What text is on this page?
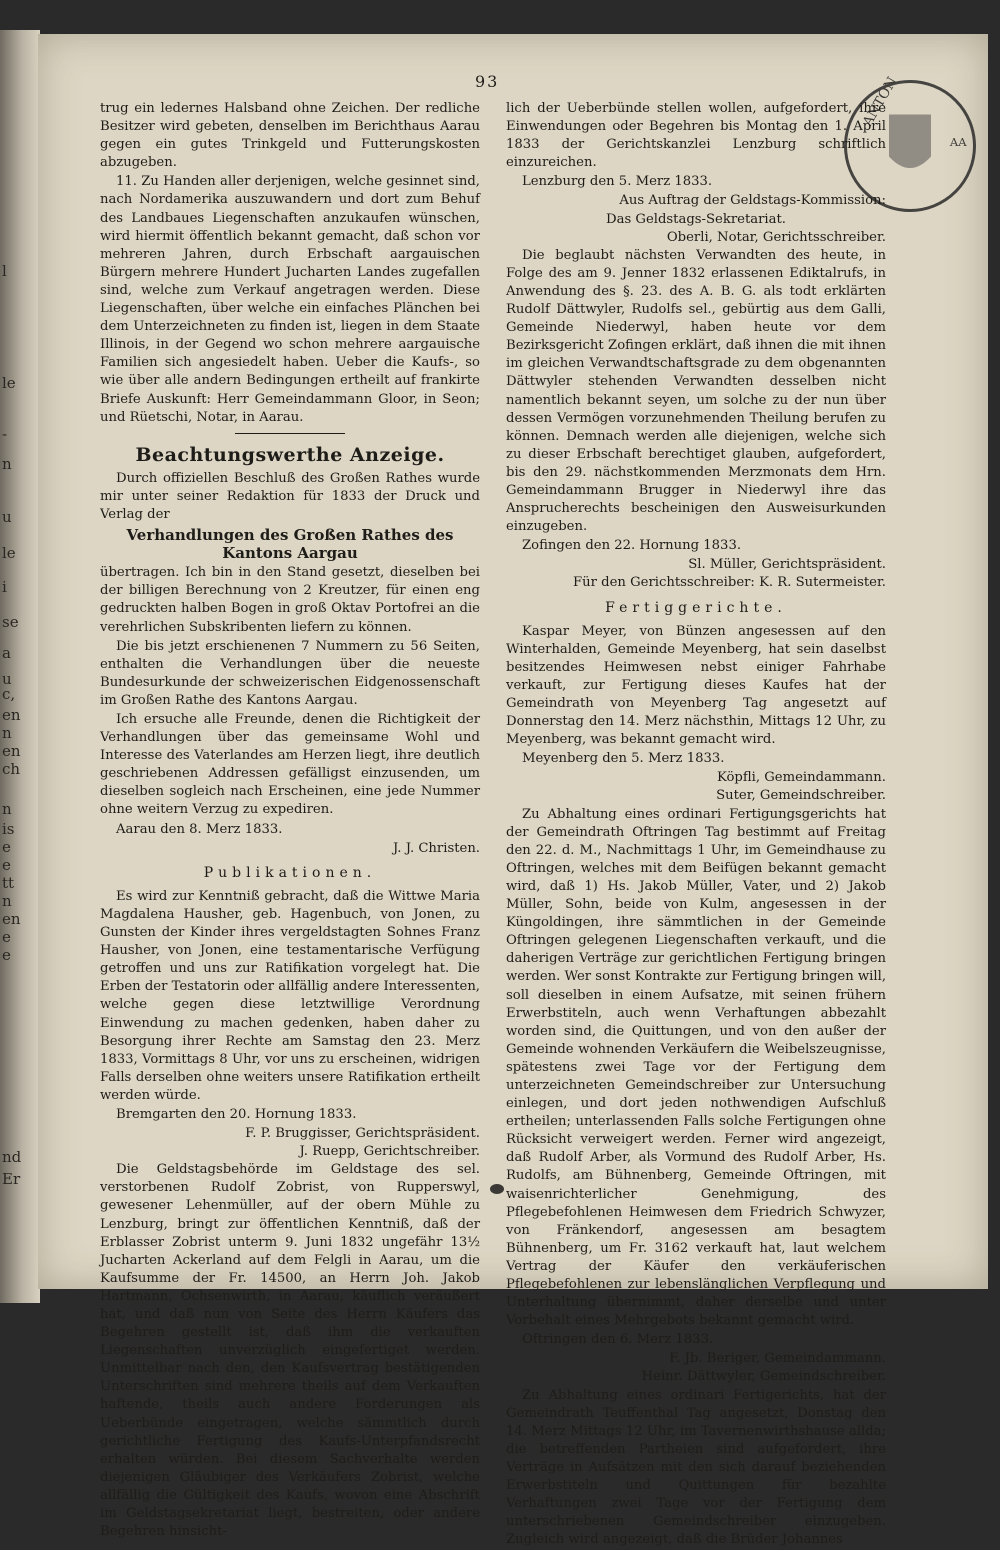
l
le
-
n
u
le
i
se
a
u
c,
en
n
en
ch
n
is
e
e
tt
n
en
e
e
nd
Er
93	ANTON
AA

trug ein ledernes Halsband ohne Zeichen. Der redliche Besitzer wird gebeten, denselben im Berichthaus Aarau gegen ein gutes Trinkgeld und Futterungskosten abzugeben.

11. Zu Handen aller derjenigen, welche gesinnet sind, nach Nordamerika auszuwandern und dort zum Behuf des Landbaues Liegenschaften anzukaufen wünschen, wird hiermit öffentlich bekannt gemacht, daß schon vor mehreren Jahren, durch Erbschaft aargauischen Bürgern mehrere Hundert Jucharten Landes zugefallen sind, welche zum Verkauf angetragen werden. Diese Liegenschaften, über welche ein einfaches Plänchen bei dem Unterzeichneten zu finden ist, liegen in dem Staate Illinois, in der Gegend wo schon mehrere aargauische Familien sich angesiedelt haben. Ueber die Kaufs-, so wie über alle andern Bedingungen ertheilt auf frankirte Briefe Auskunft: Herr Gemeindammann Gloor, in Seon; und Rüetschi, Notar, in Aarau.

Beachtungswerthe Anzeige.

Durch offiziellen Beschluß des Großen Rathes wurde mir unter seiner Redaktion für 1833 der Druck und Verlag der

Verhandlungen des Großen Rathes des Kantons Aargau

übertragen. Ich bin in den Stand gesetzt, dieselben bei der billigen Berechnung von 2 Kreutzer, für einen eng gedruckten halben Bogen in groß Oktav Portofrei an die verehrlichen Subskribenten liefern zu können.

Die bis jetzt erschienenen 7 Nummern zu 56 Seiten, enthalten die Verhandlungen über die neueste Bundesurkunde der schweizerischen Eidgenossenschaft im Großen Rathe des Kantons Aargau.

Ich ersuche alle Freunde, denen die Richtigkeit der Verhandlungen über das gemeinsame Wohl und Interesse des Vaterlandes am Herzen liegt, ihre deutlich geschriebenen Addressen gefälligst einzusenden, um dieselben sogleich nach Erscheinen, eine jede Nummer ohne weitern Verzug zu expediren.

Aarau den 8. Merz 1833.

J. J. Christen.

Publikationen.

Es wird zur Kenntniß gebracht, daß die Wittwe Maria Magdalena Hausher, geb. Hagenbuch, von Jonen, zu Gunsten der Kinder ihres vergeldstagten Sohnes Franz Hausher, von Jonen, eine testamentarische Verfügung getroffen und uns zur Ratifikation vorgelegt hat. Die Erben der Testatorin oder allfällig andere Interessenten, welche gegen diese letztwillige Verordnung Einwendung zu machen gedenken, haben daher zu Besorgung ihrer Rechte am Samstag den 23. Merz 1833, Vormittags 8 Uhr, vor uns zu erscheinen, widrigen Falls derselben ohne weiters unsere Ratifikation ertheilt werden würde.

Bremgarten den 20. Hornung 1833.

F. P. Bruggisser, Gerichtspräsident.

J. Ruepp, Gerichtschreiber.

Die Geldstagsbehörde im Geldstage des sel. verstorbenen Rudolf Zobrist, von Rupperswyl, gewesener Lehenmüller, auf der obern Mühle zu Lenzburg, bringt zur öffentlichen Kenntniß, daß der Erblasser Zobrist unterm 9. Juni 1832 ungefähr 13½ Jucharten Ackerland auf dem Felgli in Aarau, um die Kaufsumme der Fr. 14500, an Herrn Joh. Jakob Hartmann, Ochsenwirth, in Aarau, käuflich veräußert hat, und daß nun von Seite des Herrn Käufers das Begehren gestellt ist, daß ihm die verkauften Liegenschaften unverzüglich eingefertiget werden. Unmittelbar nach den, den Kaufsvertrag bestätigenden Unterschriften sind mehrere theils auf dem Verkauften haftende, theils auch andere Forderungen als Ueberbünde eingetragen, welche sämmtlich durch gerichtliche Fertigung des Kaufs-Unterpfandsrecht erhalten würden. Bei diesem Sachverhalte werden diejenigen Gläubiger des Verkäufers Zobrist, welche allfällig die Gültigkeit des Kaufs, wovon eine Abschrift im Geldstagsekretariat liegt, bestreiten, oder andere Begehren hinsicht-

lich der Ueberbünde stellen wollen, aufgefordert, ihre Einwendungen oder Begehren bis Montag den 1. April 1833 der Gerichtskanzlei Lenzburg schriftlich einzureichen.

Lenzburg den 5. Merz 1833.

Aus Auftrag der Geldstags-Kommission:

Das Geldstags-Sekretariat.

Oberli, Notar, Gerichtsschreiber.

Die beglaubt nächsten Verwandten des heute, in Folge des am 9. Jenner 1832 erlassenen Ediktalrufs, in Anwendung des §. 23. des A. B. G. als todt erklärten Rudolf Dättwyler, Rudolfs sel., gebürtig aus dem Galli, Gemeinde Niederwyl, haben heute vor dem Bezirksgericht Zofingen erklärt, daß ihnen die mit ihnen im gleichen Verwandtschaftsgrade zu dem obgenannten Dättwyler stehenden Verwandten desselben nicht namentlich bekannt seyen, um solche zu der nun über dessen Vermögen vorzunehmenden Theilung berufen zu können. Demnach werden alle diejenigen, welche sich zu dieser Erbschaft berechtiget glauben, aufgefordert, bis den 29. nächstkommenden Merzmonats dem Hrn. Gemeindammann Brugger in Niederwyl ihre das Ansprucherechts bescheinigen den Ausweisurkunden einzugeben.

Zofingen den 22. Hornung 1833.

Sl. Müller, Gerichtspräsident.

Für den Gerichtsschreiber: K. R. Sutermeister.

Fertiggerichte.

Kaspar Meyer, von Bünzen angesessen auf den Winterhalden, Gemeinde Meyenberg, hat sein daselbst besitzendes Heimwesen nebst einiger Fahrhabe verkauft, zur Fertigung dieses Kaufes hat der Gemeindrath von Meyenberg Tag angesetzt auf Donnerstag den 14. Merz nächsthin, Mittags 12 Uhr, zu Meyenberg, was bekannt gemacht wird.

Meyenberg den 5. Merz 1833.

Köpfli, Gemeindammann.

Suter, Gemeindschreiber.

Zu Abhaltung eines ordinari Fertigungsgerichts hat der Gemeindrath Oftringen Tag bestimmt auf Freitag den 22. d. M., Nachmittags 1 Uhr, im Gemeindhause zu Oftringen, welches mit dem Beifügen bekannt gemacht wird, daß 1) Hs. Jakob Müller, Vater, und 2) Jakob Müller, Sohn, beide von Kulm, angesessen in der Küngoldingen, ihre sämmtlichen in der Gemeinde Oftringen gelegenen Liegenschaften verkauft, und die daherigen Verträge zur gerichtlichen Fertigung bringen werden. Wer sonst Kontrakte zur Fertigung bringen will, soll dieselben in einem Aufsatze, mit seinen frühern Erwerbstiteln, auch wenn Verhaftungen abbezahlt worden sind, die Quittungen, und von den außer der Gemeinde wohnenden Verkäufern die Weibelszeugnisse, spätestens zwei Tage vor der Fertigung dem unterzeichneten Gemeindschreiber zur Untersuchung einlegen, und dort jeden nothwendigen Aufschluß ertheilen; unterlassenden Falls solche Fertigungen ohne Rücksicht verweigert werden. Ferner wird angezeigt, daß Rudolf Arber, als Vormund des Rudolf Arber, Hs. Rudolfs, am Bühnenberg, Gemeinde Oftringen, mit waisenrichterlicher Genehmigung, des Pflegebefohlenen Heimwesen dem Friedrich Schwyzer, von Fränkendorf, angesessen am besagtem Bühnenberg, um Fr. 3162 verkauft hat, laut welchem Vertrag der Käufer den verkäuferischen Pflegebefohlenen zur lebenslänglichen Verpflegung und Unterhaltung übernimmt, daher derselbe und unter Vorbehalt eines Mehrgebots bekannt gemacht wird.

Oftringen den 6. Merz 1833.

F. Jb. Beriger, Gemeindammann.

Heinr. Dättwyler, Gemeindschreiber.

Zu Abhaltung eines ordinari Fertigerichts, hat der Gemeindrath Teuffenthal Tag angesetzt, Donstag den 14. Merz Mittags 12 Uhr, im Tavernenwirthshause allda; die betreffenden Partheien sind aufgefordert, ihre Verträge in Aufsätzen mit den sich darauf beziehenden Erwerbstiteln und Quittungen für bezahlte Verhaftungen zwei Tage vor der Fertigung dem unterschriebenen Gemeindschreiber einzugeben. Zugleich wird angezeigt, daß die Brüder Johannes
